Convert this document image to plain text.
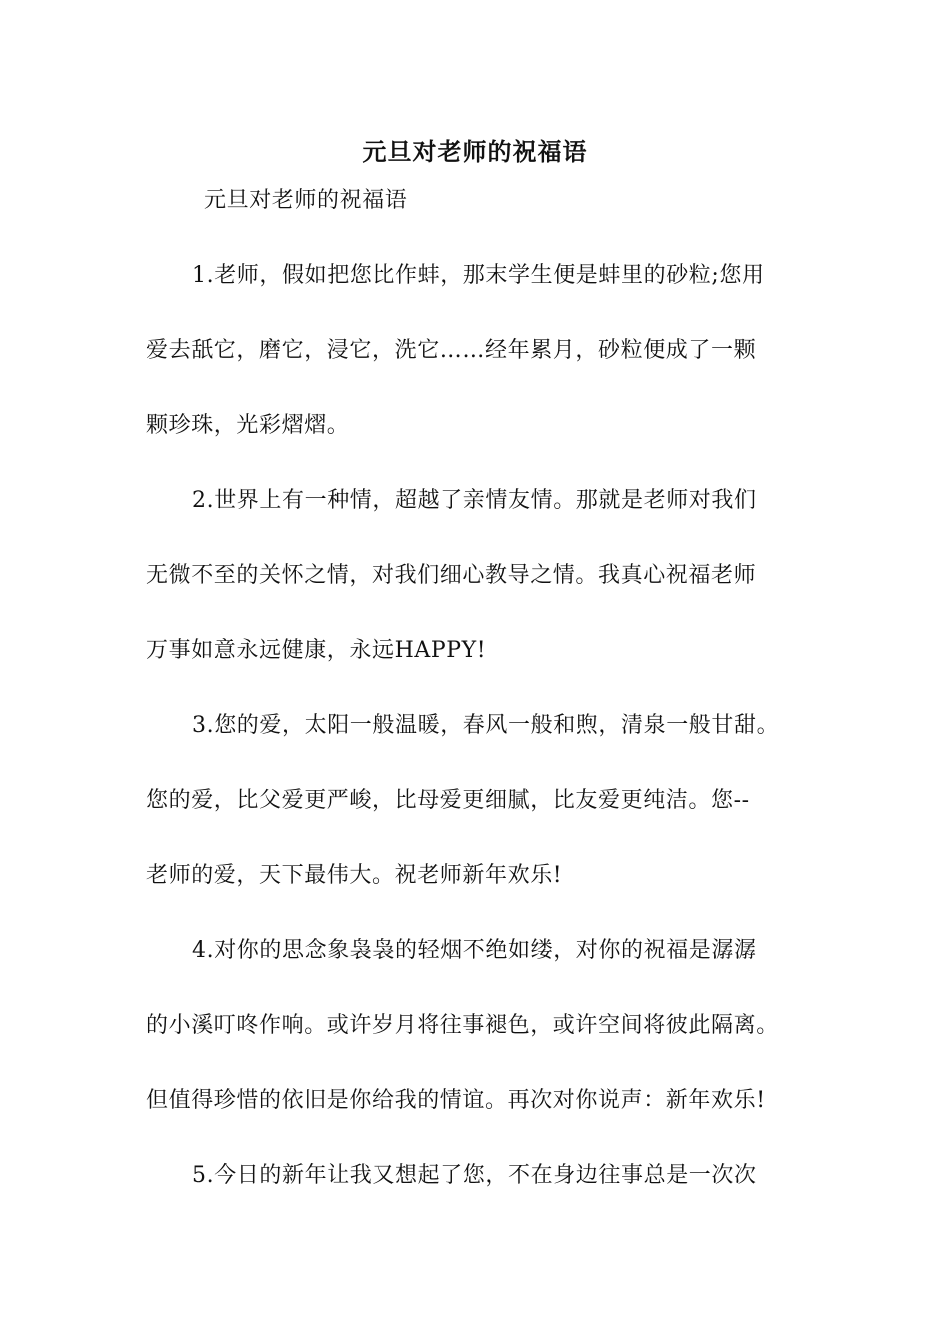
元旦对老师的祝福语
元旦对老师的祝福语
1.老师，假如把您比作蚌，那末学生便是蚌里的砂粒;您用
爱去舐它，磨它，浸它，洗它……经年累月，砂粒便成了一颗
颗珍珠，光彩熠熠。
2.世界上有一种情，超越了亲情友情。那就是老师对我们
无微不至的关怀之情，对我们细心教导之情。我真心祝福老师
万事如意永远健康，永远HAPPY!
3.您的爱，太阳一般温暖，春风一般和煦，清泉一般甘甜。
您的爱，比父爱更严峻，比母爱更细腻，比友爱更纯洁。您--
老师的爱，天下最伟大。祝老师新年欢乐!
4.对你的思念象袅袅的轻烟不绝如缕，对你的祝福是潺潺
的小溪叮咚作响。或许岁月将往事褪色，或许空间将彼此隔离。
但值得珍惜的依旧是你给我的情谊。再次对你说声：新年欢乐!
5.今日的新年让我又想起了您，不在身边往事总是一次次
